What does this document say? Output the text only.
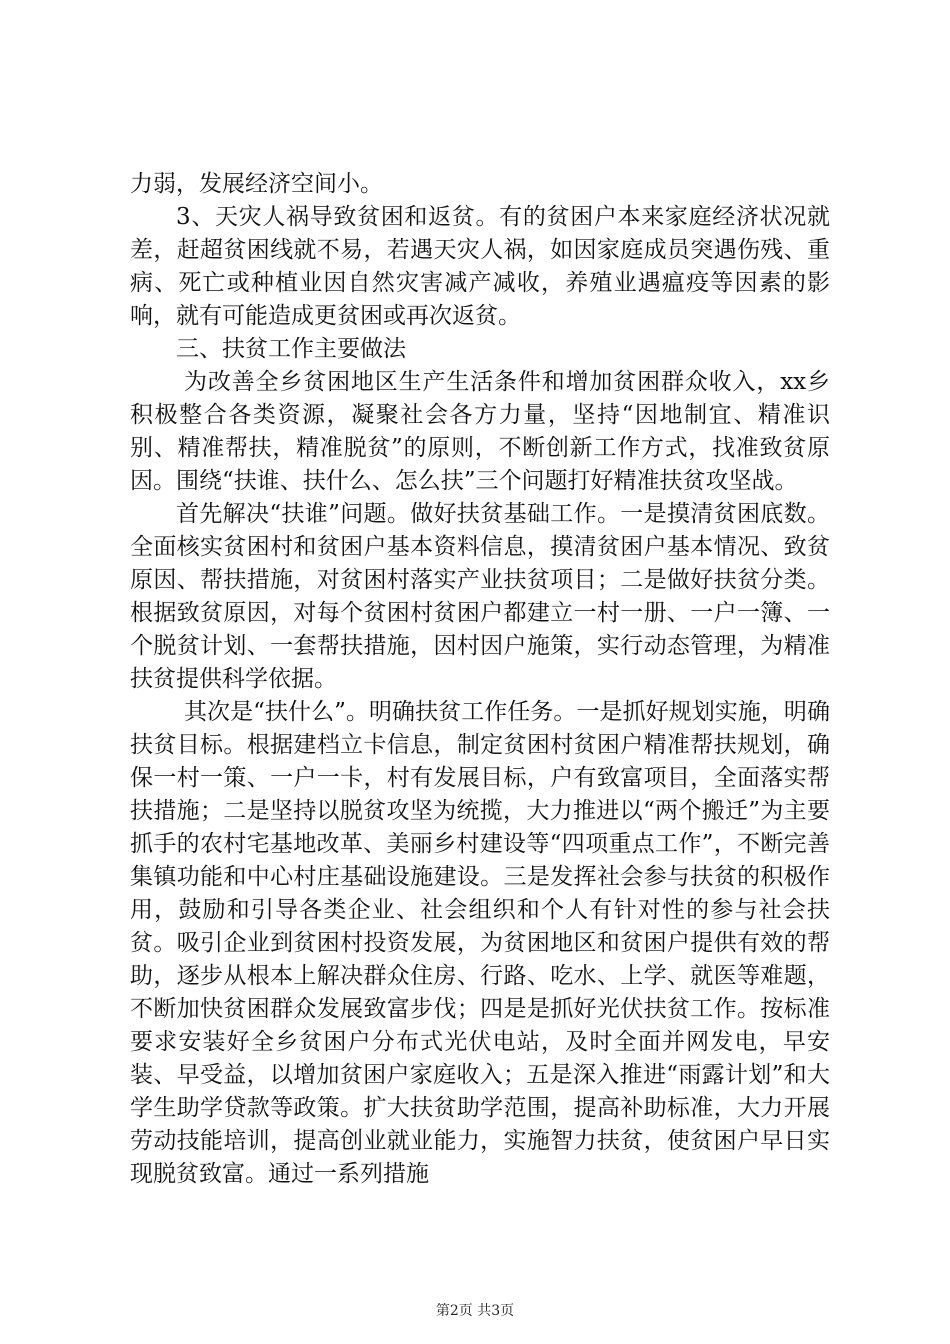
力弱，发展经济空间小。

3、天灾人祸导致贫困和返贫。有的贫困户本来家庭经济状况就差，赶超贫困线就不易，若遇天灾人祸，如因家庭成员突遇伤残、重病、死亡或种植业因自然灾害减产减收，养殖业遇瘟疫等因素的影响，就有可能造成更贫困或再次返贫。

三、扶贫工作主要做法

为改善全乡贫困地区生产生活条件和增加贫困群众收入，xx乡积极整合各类资源，凝聚社会各方力量，坚持“因地制宜、精准识别、精准帮扶，精准脱贫”的原则，不断创新工作方式，找准致贫原因。围绕“扶谁、扶什么、怎么扶”三个问题打好精准扶贫攻坚战。

首先解决“扶谁”问题。做好扶贫基础工作。一是摸清贫困底数。全面核实贫困村和贫困户基本资料信息，摸清贫困户基本情况、致贫原因、帮扶措施，对贫困村落实产业扶贫项目；二是做好扶贫分类。根据致贫原因，对每个贫困村贫困户都建立一村一册、一户一簿、一个脱贫计划、一套帮扶措施，因村因户施策，实行动态管理，为精准扶贫提供科学依据。

其次是“扶什么”。明确扶贫工作任务。一是抓好规划实施，明确扶贫目标。根据建档立卡信息，制定贫困村贫困户精准帮扶规划，确保一村一策、一户一卡，村有发展目标，户有致富项目，全面落实帮扶措施；二是坚持以脱贫攻坚为统揽，大力推进以“两个搬迁”为主要抓手的农村宅基地改革、美丽乡村建设等“四项重点工作”，不断完善集镇功能和中心村庄基础设施建设。三是发挥社会参与扶贫的积极作用，鼓励和引导各类企业、社会组织和个人有针对性的参与社会扶贫。吸引企业到贫困村投资发展，为贫困地区和贫困户提供有效的帮助，逐步从根本上解决群众住房、行路、吃水、上学、就医等难题，不断加快贫困群众发展致富步伐；四是是抓好光伏扶贫工作。按标准要求安装好全乡贫困户分布式光伏电站，及时全面并网发电，早安装、早受益，以增加贫困户家庭收入；五是深入推进“雨露计划”和大学生助学贷款等政策。扩大扶贫助学范围，提高补助标准，大力开展劳动技能培训，提高创业就业能力，实施智力扶贫，使贫困户早日实现脱贫致富。通过一系列措施

第2页 共3页
